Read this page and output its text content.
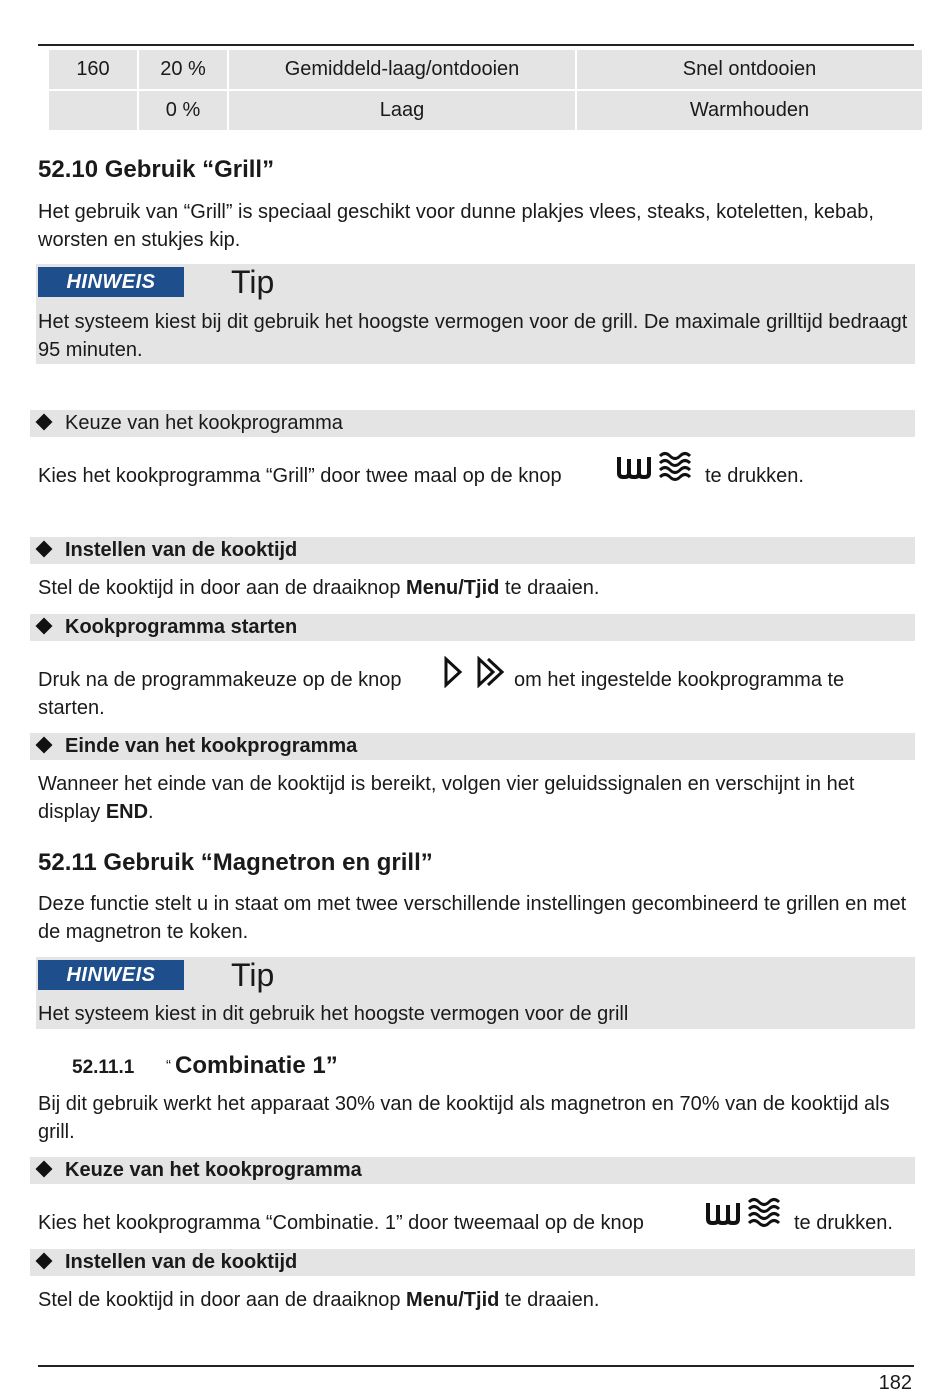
160	20 %	Gemiddeld-laag/ontdooien	Snel ontdooien
	0 %	Laag	Warmhouden
52.10 Gebruik “Grill”
Het gebruik van “Grill” is speciaal geschikt voor dunne plakjes vlees, steaks, koteletten, kebab, worsten en stukjes kip.
HINWEIS	Tip
Het systeem kiest bij dit gebruik het hoogste vermogen voor de grill. De maximale grilltijd bedraagt 95 minuten.
Keuze van het kookprogramma
Kies het kookprogramma “Grill” door twee maal op de knop	te drukken.
Instellen van de kooktijd
Stel de kooktijd in door aan de draaiknop Menu/Tjid te draaien.
Kookprogramma starten
Druk na de programmakeuze op de knop	om het ingestelde kookprogramma te
starten.
Einde van het kookprogramma
Wanneer het einde van de kooktijd is bereikt, volgen vier geluidssignalen en verschijnt in het display END.
52.11 Gebruik “Magnetron en grill”
Deze functie stelt u in staat om met twee verschillende instellingen gecombineerd te grillen en met de magnetron te koken.
HINWEIS	Tip
Het systeem kiest in dit gebruik het hoogste vermogen voor de grill
52.11.1 “ Combinatie 1”
Bij dit gebruik werkt het apparaat 30% van de kooktijd als magnetron en 70% van de kooktijd als grill.
Keuze van het kookprogramma
Kies het kookprogramma “Combinatie. 1” door tweemaal op de knop	te drukken.
Instellen van de kooktijd
Stel de kooktijd in door aan de draaiknop Menu/Tjid te draaien.
182
